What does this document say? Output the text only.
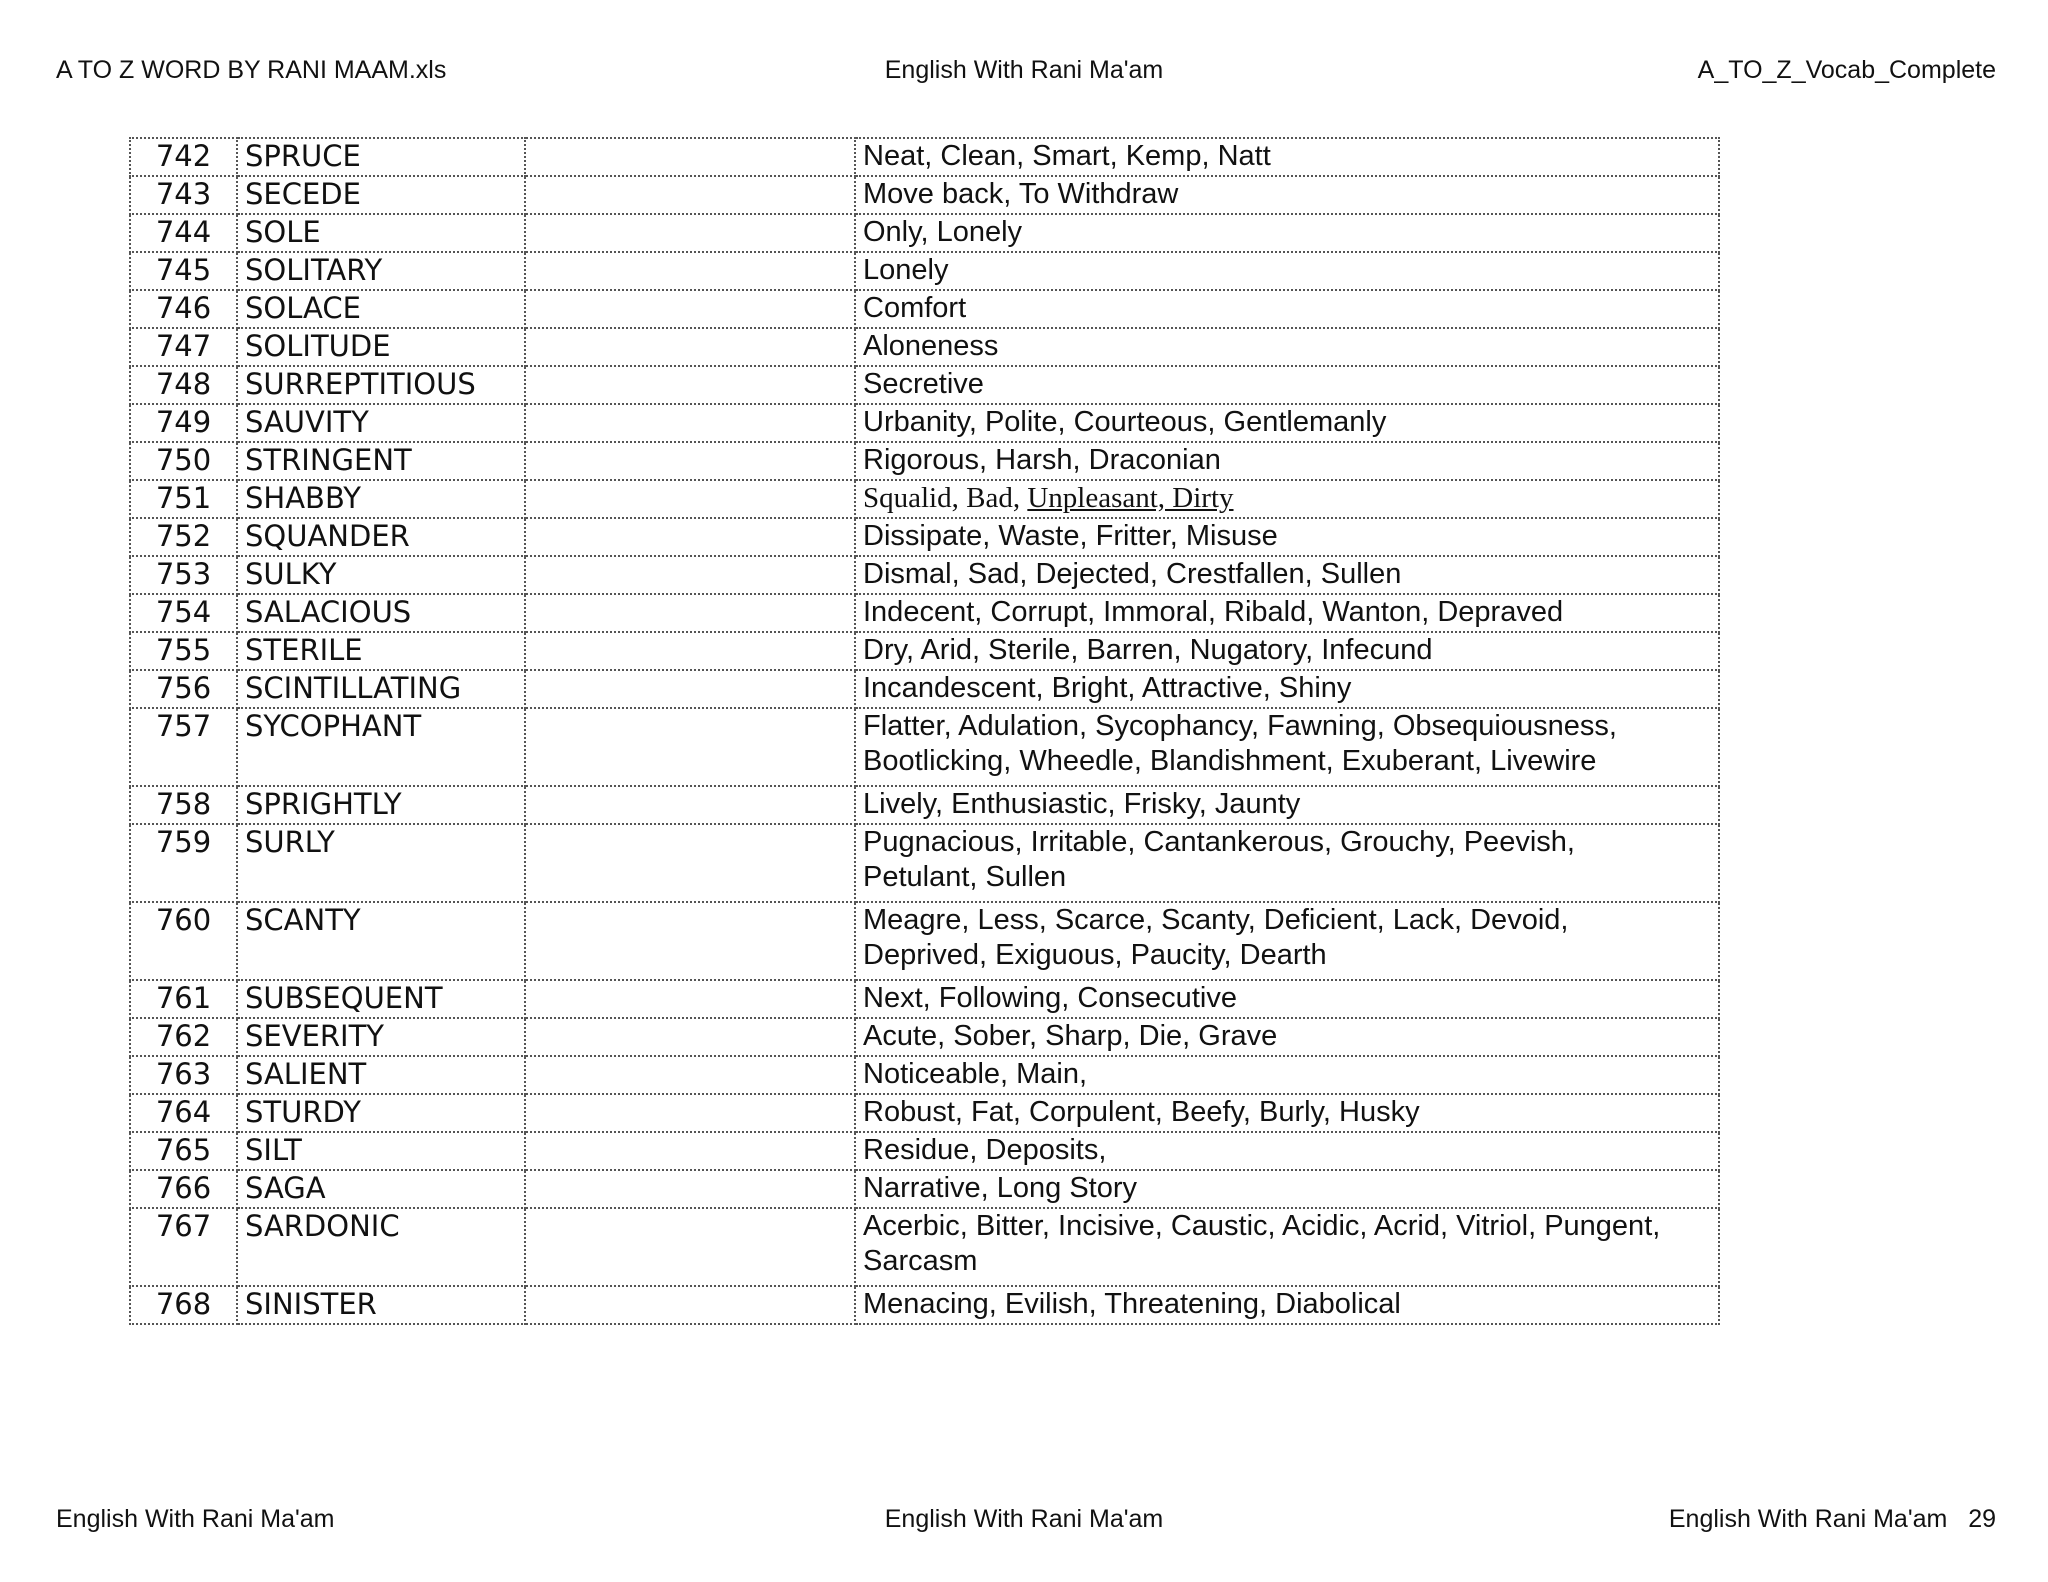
A TO Z WORD BY RANI MAAM.xls	English With Rani Ma'am	A_TO_Z_Vocab_Complete
742	SPRUCE		Neat, Clean, Smart, Kemp, Natt
743	SECEDE		Move back, To Withdraw
744	SOLE		Only, Lonely
745	SOLITARY		Lonely
746	SOLACE		Comfort
747	SOLITUDE		Aloneness
748	SURREPTITIOUS		Secretive
749	SAUVITY		Urbanity, Polite, Courteous, Gentlemanly
750	STRINGENT		Rigorous, Harsh, Draconian
751	SHABBY		Squalid, Bad, Unpleasant, Dirty
752	SQUANDER		Dissipate, Waste, Fritter, Misuse
753	SULKY		Dismal, Sad, Dejected, Crestfallen, Sullen
754	SALACIOUS		Indecent, Corrupt, Immoral, Ribald, Wanton, Depraved
755	STERILE		Dry, Arid, Sterile, Barren, Nugatory, Infecund
756	SCINTILLATING		Incandescent, Bright, Attractive, Shiny
757	SYCOPHANT		Flatter, Adulation, Sycophancy, Fawning, Obsequiousness,
Bootlicking, Wheedle, Blandishment, Exuberant, Livewire
758	SPRIGHTLY		Lively, Enthusiastic, Frisky, Jaunty
759	SURLY		Pugnacious, Irritable, Cantankerous, Grouchy, Peevish,
Petulant, Sullen
760	SCANTY		Meagre, Less, Scarce, Scanty, Deficient, Lack, Devoid,
Deprived, Exiguous, Paucity, Dearth
761	SUBSEQUENT		Next, Following, Consecutive
762	SEVERITY		Acute, Sober, Sharp, Die, Grave
763	SALIENT		Noticeable, Main,
764	STURDY		Robust, Fat, Corpulent, Beefy, Burly, Husky
765	SILT		Residue, Deposits,
766	SAGA		Narrative, Long Story
767	SARDONIC		Acerbic, Bitter, Incisive, Caustic, Acidic, Acrid, Vitriol, Pungent,
Sarcasm
768	SINISTER		Menacing, Evilish, Threatening, Diabolical
English With Rani Ma'am	English With Rani Ma'am	English With Rani Ma'am 29
